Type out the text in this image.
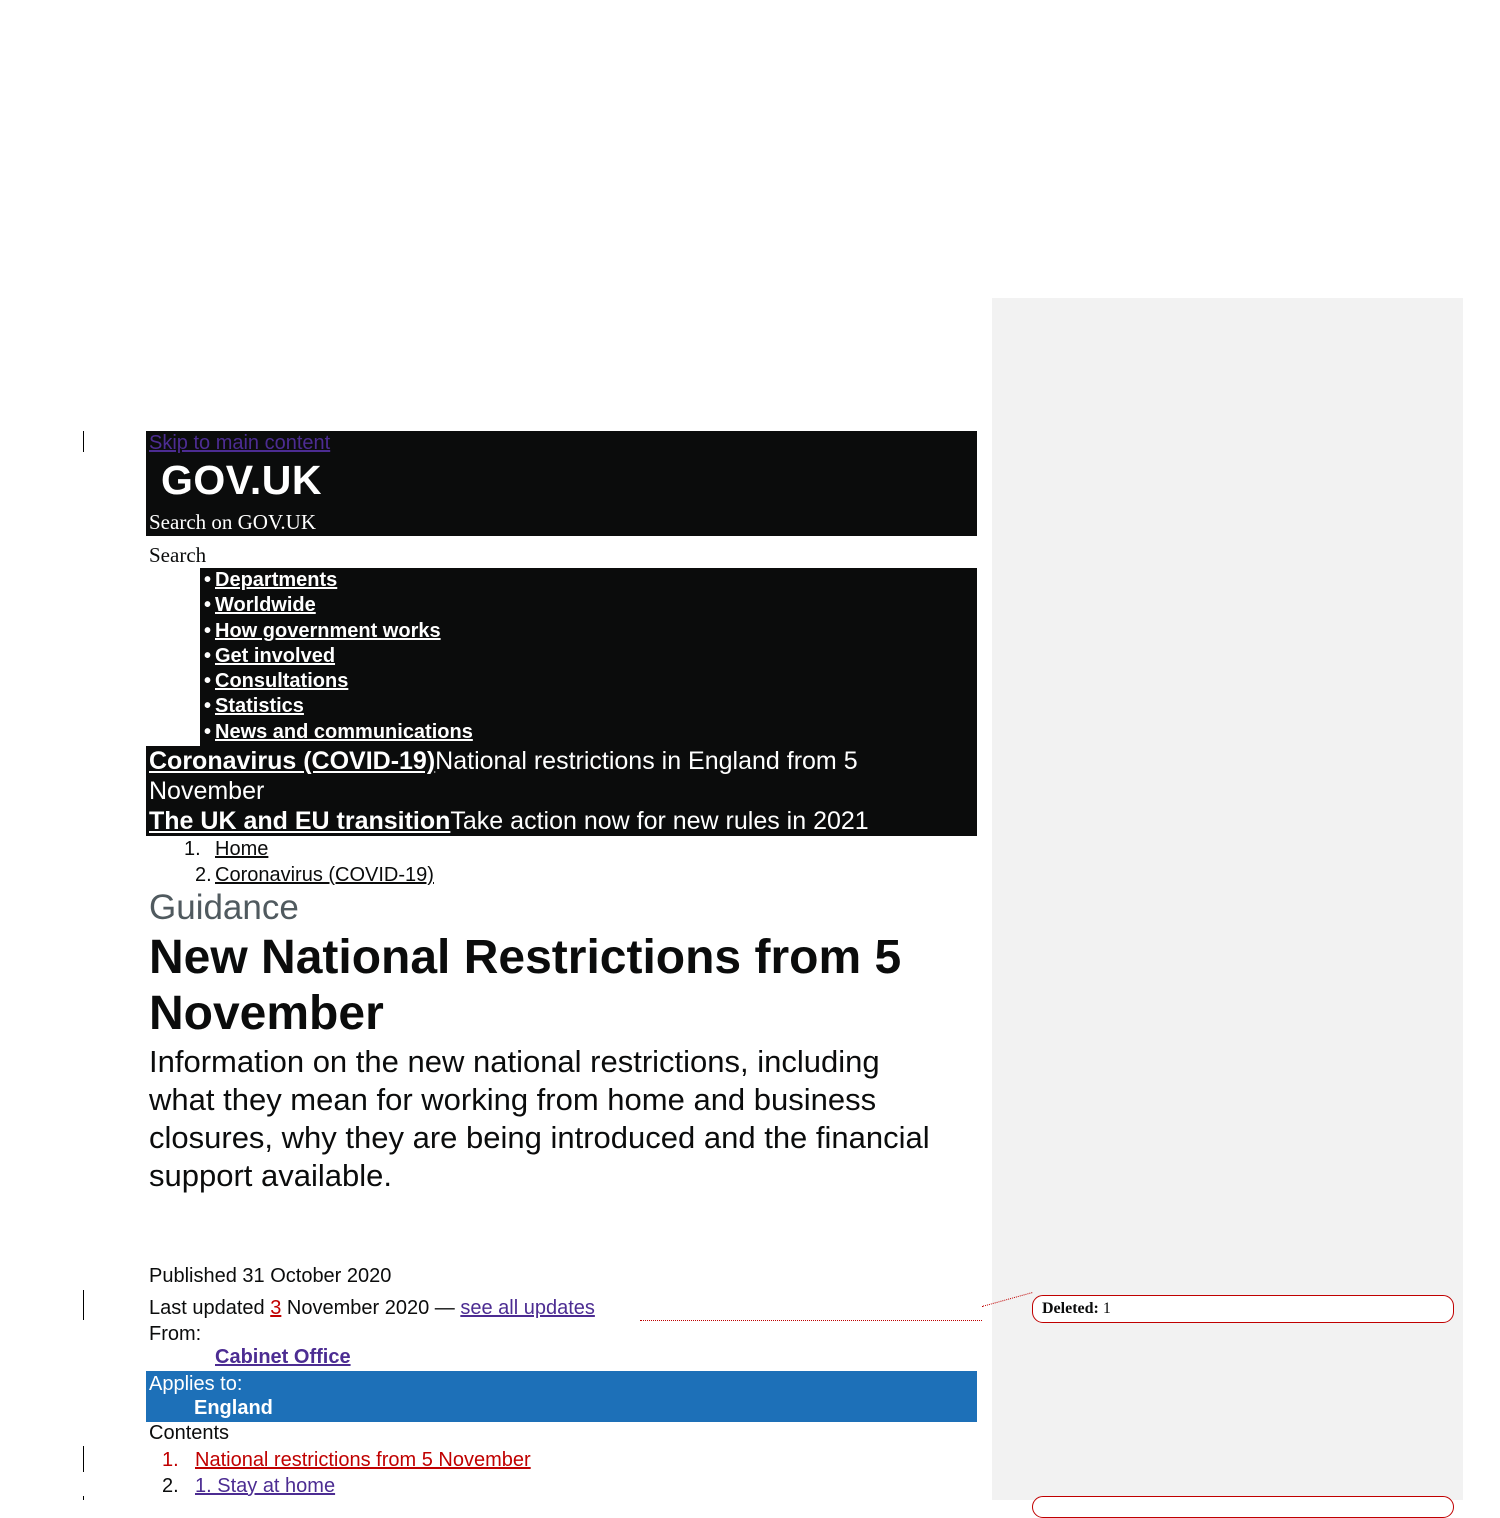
Skip to main content
GOV.UK
Search on GOV.UK
Search
• Departments
• Worldwide
• How government works
• Get involved
• Consultations
• Statistics
• News and communications
Coronavirus (COVID-19)National restrictions in England from 5
November
The UK and EU transitionTake action now for new rules in 2021
1. Home
2. Coronavirus (COVID-19)
Guidance
New National Restrictions from 5 November
Information on the new national restrictions, including what they mean for working from home and business closures, why they are being introduced and the financial support available.
Published 31 October 2020
Last updated 3 November 2020 — see all updates
From:
Cabinet Office
Applies to:
England
Contents
1. National restrictions from 5 November
2. 1. Stay at home
Deleted: 1
